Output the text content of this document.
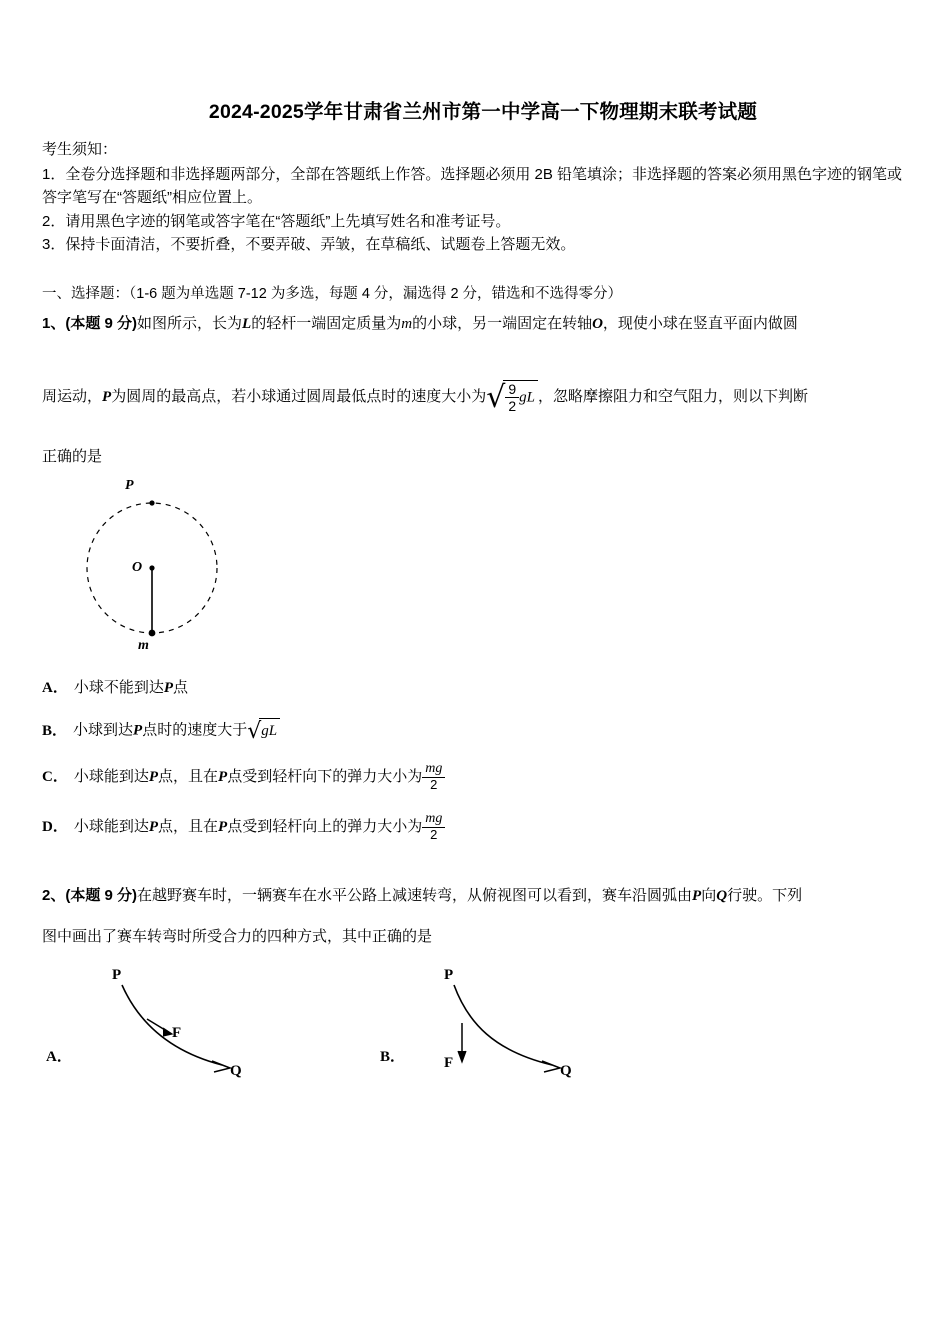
2024-2025学年甘肃省兰州市第一中学高一下物理期末联考试题
考生须知：

1．全卷分选择题和非选择题两部分，全部在答题纸上作答。选择题必须用 2B 铅笔填涂；非选择题的答案必须用黑色字迹的钢笔或答字笔写在“答题纸”相应位置上。

2．请用黑色字迹的钢笔或答字笔在“答题纸”上先填写姓名和准考证号。

3．保持卡面清洁，不要折叠，不要弄破、弄皱，在草稿纸、试题卷上答题无效。

一、选择题：（1-6 题为单选题 7-12 为多选，每题 4 分，漏选得 2 分，错选和不选得零分）

1、(本题 9 分)如图所示，长为L的轻杆一端固定质量为m的小球，另一端固定在转轴O，现使小球在竖直平面内做圆

周运动，P为圆周的最高点，若小球通过圆周最低点时的速度大小为√ $\frac{9}{2}$ gL ，忽略摩擦阻力和空气阻力，则以下判断

正确的是

P
O
m

A． 小球不能到达P点

B． 小球到达P点时的速度大于√gL

C． 小球能到达P点，且在P点受到轻杆向下的弹力大小为 $\frac{mg}{2}$

D． 小球能到达P点，且在P点受到轻杆向上的弹力大小为 $\frac{mg}{2}$

2、(本题 9 分)在越野赛车时，一辆赛车在水平公路上减速转弯，从俯视图可以看到，赛车沿圆弧由P向Q行驶。下列

图中画出了赛车转弯时所受合力的四种方式，其中正确的是

A．
P
F
Q
B．
P
F	Q
